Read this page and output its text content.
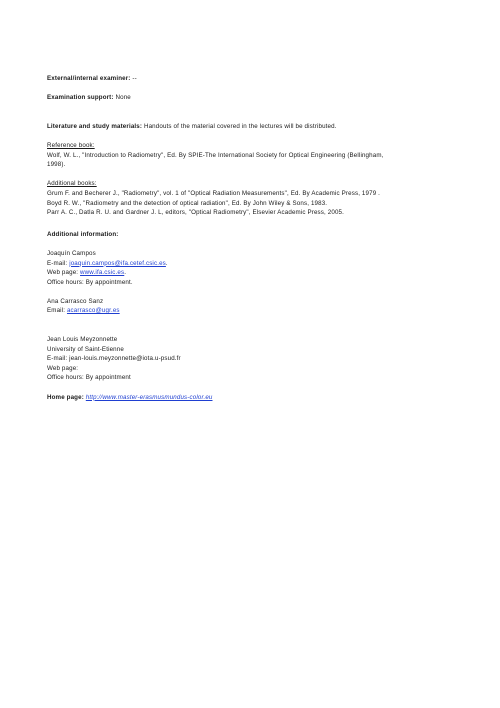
External/internal examiner: --
Examination support: None
Literature and study materials: Handouts of the material covered in the lectures will be distributed.
Reference book:
Wolf, W. L., "Introduction to Radiometry", Ed. By SPIE-The International Society for Optical Engineering (Bellingham,
1998).
Additional books:
Grum F. and Becherer J., "Radiometry", vol. 1 of "Optical Radiation Measurements", Ed. By Academic Press, 1979 .
Boyd R. W., "Radiometry and the detection of optical radiation", Ed. By John Wiley & Sons, 1983.
Parr A. C., Datla R. U. and Gardner J. L, editors, "Optical Radiometry", Elsevier Academic Press, 2005.
Additional information:
Joaquín Campos
E-mail: joaquin.campos@ifa.cetef.csic.es.
Web page: www.ifa.csic.es.
Office hours: By appointment.
Ana Carrasco Sanz
Email: acarrasco@ugr.es
Jean Louis Meyzonnette
University of Saint-Etienne
E-mail: jean-louis.meyzonnette@iota.u-psud.fr
Web page:
Office hours: By appointment
Home page: http://www.master-erasmusmundus-color.eu
